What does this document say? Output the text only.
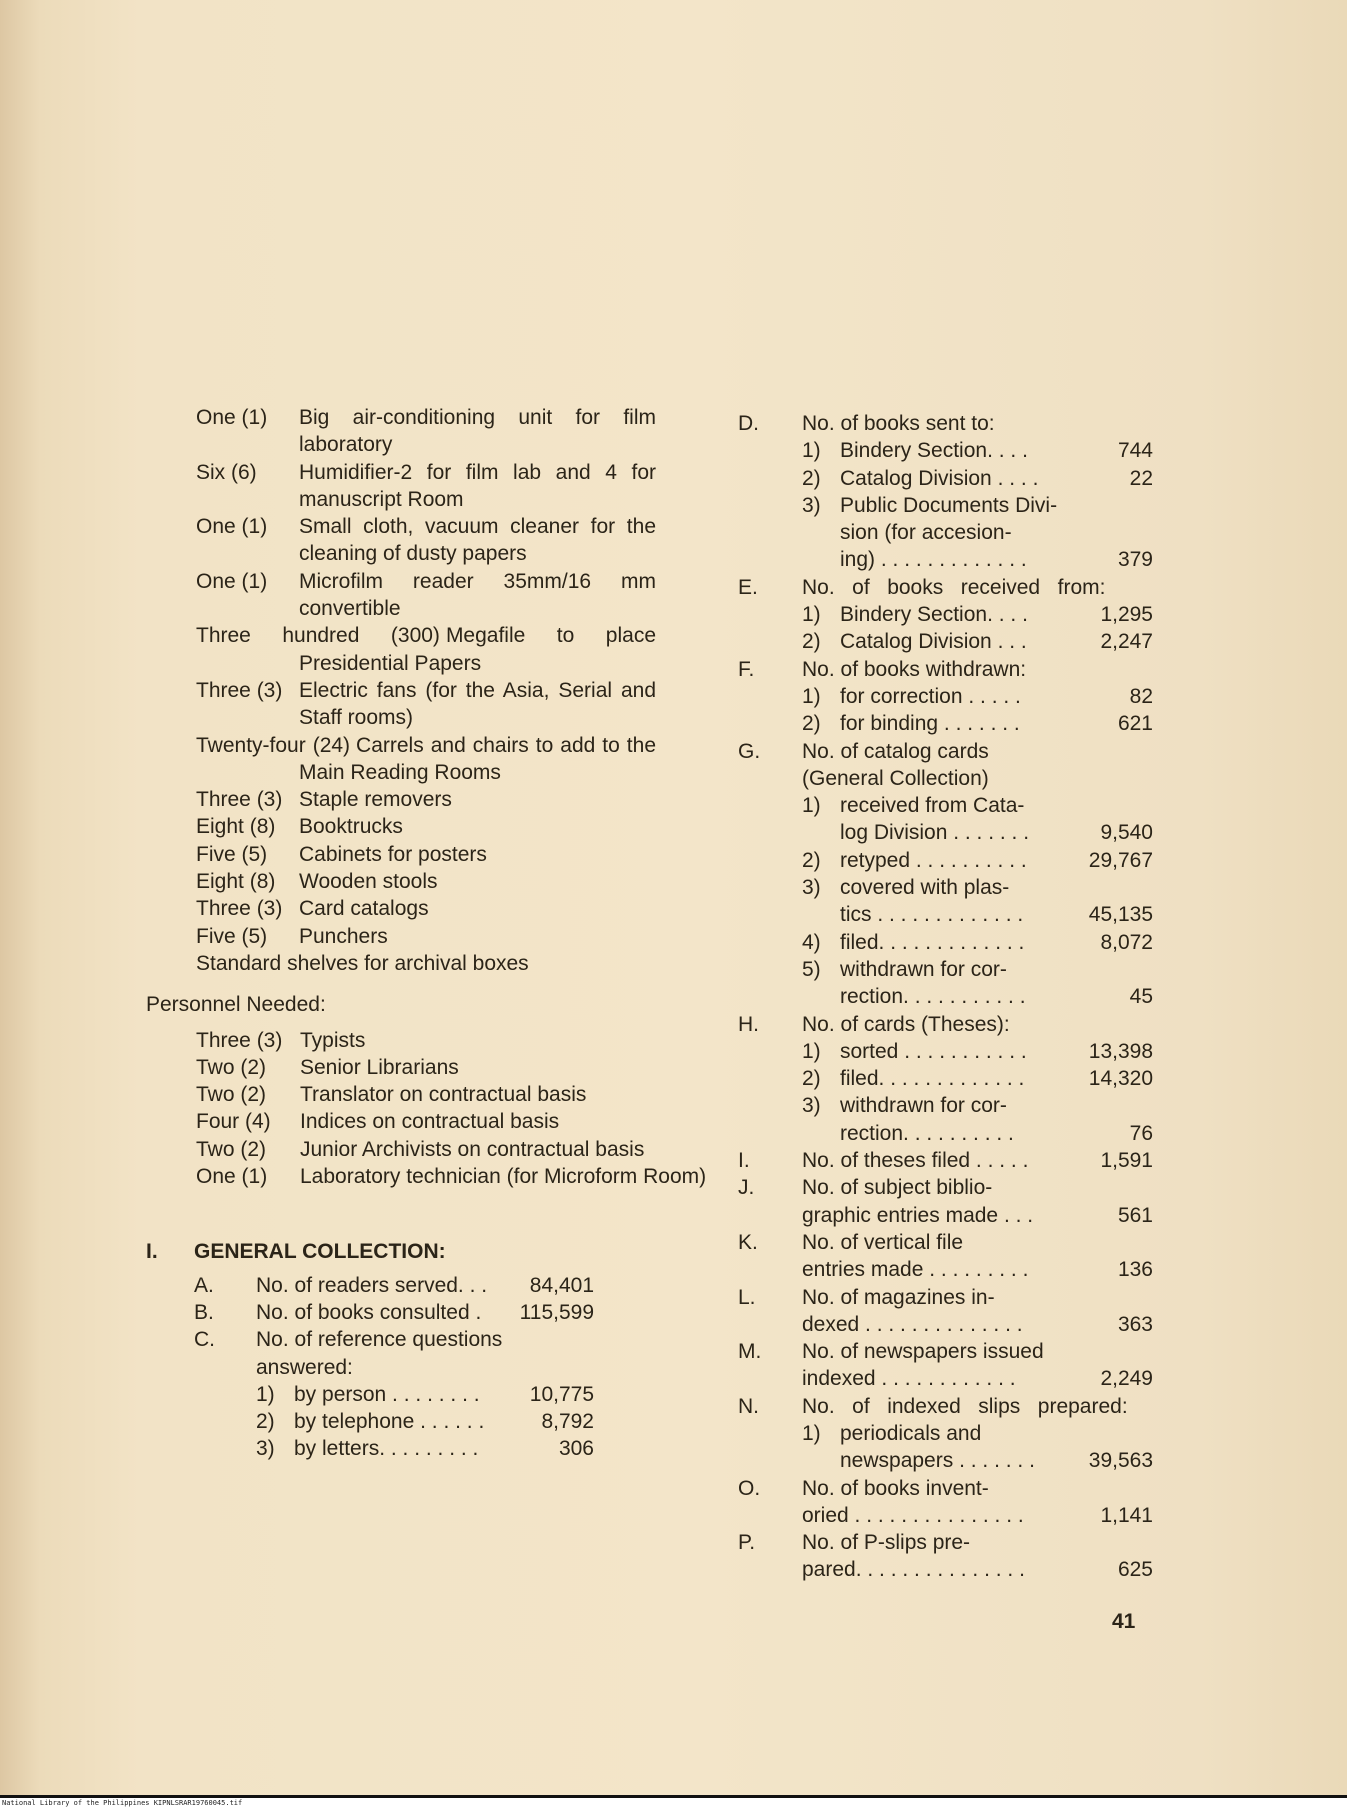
One (1) Big air-conditioning unit for film laboratory
Six (6) Humidifier-2 for film lab and 4 for manuscript Room
One (1) Small cloth, vacuum cleaner for the cleaning of dusty papers
One (1) Microfilm reader 35mm/16 mm convertible
Three hundred (300) Megafile to place Presidential Papers
Three (3) Electric fans (for the Asia, Serial and Staff rooms)
Twenty-four (24) Carrels and chairs to add to the Main Reading Rooms
Three (3) Staple removers
Eight (8) Booktrucks
Five (5) Cabinets for posters
Eight (8) Wooden stools
Three (3) Card catalogs
Five (5) Punchers
Standard shelves for archival boxes
Personnel Needed:
Three (3) Typists
Two (2) Senior Librarians
Two (2) Translator on contractual basis
Four (4) Indices on contractual basis
Two (2) Junior Archivists on contractual basis
One (1) Laboratory technician (for Microform Room)
I.	GENERAL COLLECTION:
A.	No. of readers served. . .	84,401
B.	No. of books consulted .	115,599
C.	No. of reference questions answered:
1) by person . . . . . . . .	10,775
2) by telephone . . . . . .	8,792
3) by letters. . . . . . . . .	306
D.	No. of books sent to:
1) Bindery Section. . . .	744
2) Catalog Division . . . .	22
3) Public Documents Divi-
sion (for accesion-
ing) . . . . . . . . . . . . .	379
E.	No.   of   books   received   from:
1) Bindery Section. . . .	1,295
2) Catalog Division . . .	2,247
F.	No. of books withdrawn:
1) for correction . . . . .	82
2) for binding . . . . . . .	621
G.	No. of catalog cards
(General Collection)
1) received from Cata-
log Division . . . . . . .	9,540
2) retyped . . . . . . . . . .	29,767
3) covered with plas-
tics . . . . . . . . . . . . .	45,135
4) filed. . . . . . . . . . . . .	8,072
5) withdrawn for cor-
rection. . . . . . . . . . .	45
H.	No. of cards (Theses):
1) sorted . . . . . . . . . . .	13,398
2) filed. . . . . . . . . . . . .	14,320
3) withdrawn for cor-
rection. . . . . . . . . .	76
I.	No. of theses filed . . . . .	1,591
J.	No. of subject biblio-
graphic entries made . . .	561
K.	No. of vertical file
entries made . . . . . . . . .	136
L.	No. of magazines in-
dexed . . . . . . . . . . . . . .	363
M.	No. of newspapers issued
indexed . . . . . . . . . . . .	2,249
N.	No.   of   indexed   slips   prepared:
1) periodicals and
newspapers . . . . . . .	39,563
O.	No. of books invent-
oried . . . . . . . . . . . . . . .	1,141
P.	No. of P-slips pre-
pared. . . . . . . . . . . . . . .	625
41
National Library of the Philippines KIPNLSRAR19760045.tif
